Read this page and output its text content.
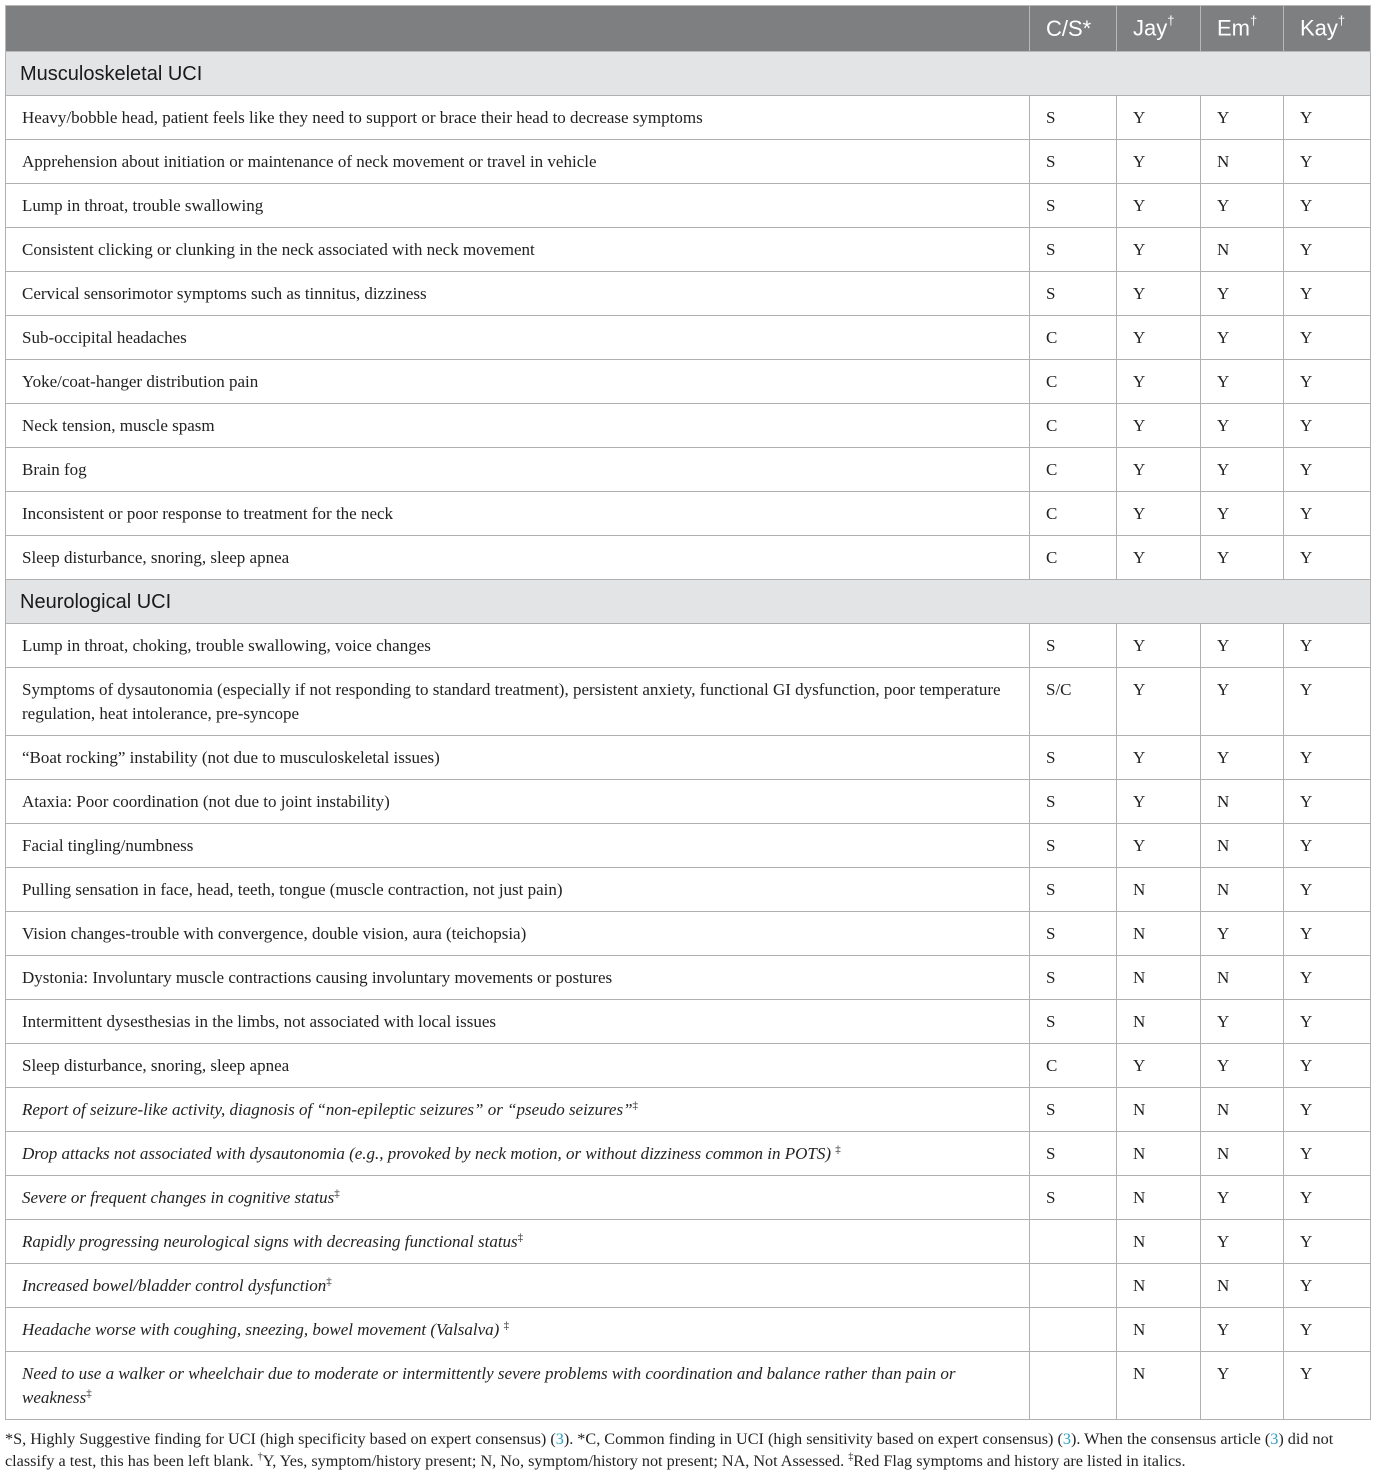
	C/S*	Jay†	Em†	Kay†
Musculoskeletal UCI				
Heavy/bobble head, patient feels like they need to support or brace their head to decrease symptoms	S	Y	Y	Y
Apprehension about initiation or maintenance of neck movement or travel in vehicle	S	Y	N	Y
Lump in throat, trouble swallowing	S	Y	Y	Y
Consistent clicking or clunking in the neck associated with neck movement	S	Y	N	Y
Cervical sensorimotor symptoms such as tinnitus, dizziness	S	Y	Y	Y
Sub-occipital headaches	C	Y	Y	Y
Yoke/coat-hanger distribution pain	C	Y	Y	Y
Neck tension, muscle spasm	C	Y	Y	Y
Brain fog	C	Y	Y	Y
Inconsistent or poor response to treatment for the neck	C	Y	Y	Y
Sleep disturbance, snoring, sleep apnea	C	Y	Y	Y
Neurological UCI				
Lump in throat, choking, trouble swallowing, voice changes	S	Y	Y	Y
Symptoms of dysautonomia (especially if not responding to standard treatment), persistent anxiety, functional GI dysfunction, poor temperature regulation, heat intolerance, pre-syncope	S/C	Y	Y	Y
“Boat rocking” instability (not due to musculoskeletal issues)	S	Y	Y	Y
Ataxia: Poor coordination (not due to joint instability)	S	Y	N	Y
Facial tingling/numbness	S	Y	N	Y
Pulling sensation in face, head, teeth, tongue (muscle contraction, not just pain)	S	N	N	Y
Vision changes-trouble with convergence, double vision, aura (teichopsia)	S	N	Y	Y
Dystonia: Involuntary muscle contractions causing involuntary movements or postures	S	N	N	Y
Intermittent dysesthesias in the limbs, not associated with local issues	S	N	Y	Y
Sleep disturbance, snoring, sleep apnea	C	Y	Y	Y
Report of seizure-like activity, diagnosis of “non-epileptic seizures” or “pseudo seizures”‡	S	N	N	Y
Drop attacks not associated with dysautonomia (e.g., provoked by neck motion, or without dizziness common in POTS) ‡	S	N	N	Y
Severe or frequent changes in cognitive status‡	S	N	Y	Y
Rapidly progressing neurological signs with decreasing functional status‡		N	Y	Y
Increased bowel/bladder control dysfunction‡		N	N	Y
Headache worse with coughing, sneezing, bowel movement (Valsalva) ‡		N	Y	Y
Need to use a walker or wheelchair due to moderate or intermittently severe problems with coordination and balance rather than pain or weakness‡		N	Y	Y
*S, Highly Suggestive finding for UCI (high specificity based on expert consensus) (3). *C, Common finding in UCI (high sensitivity based on expert consensus) (3). When the consensus article (3) did not classify a test, this has been left blank. †Y, Yes, symptom/history present; N, No, symptom/history not present; NA, Not Assessed. ‡Red Flag symptoms and history are listed in italics.
